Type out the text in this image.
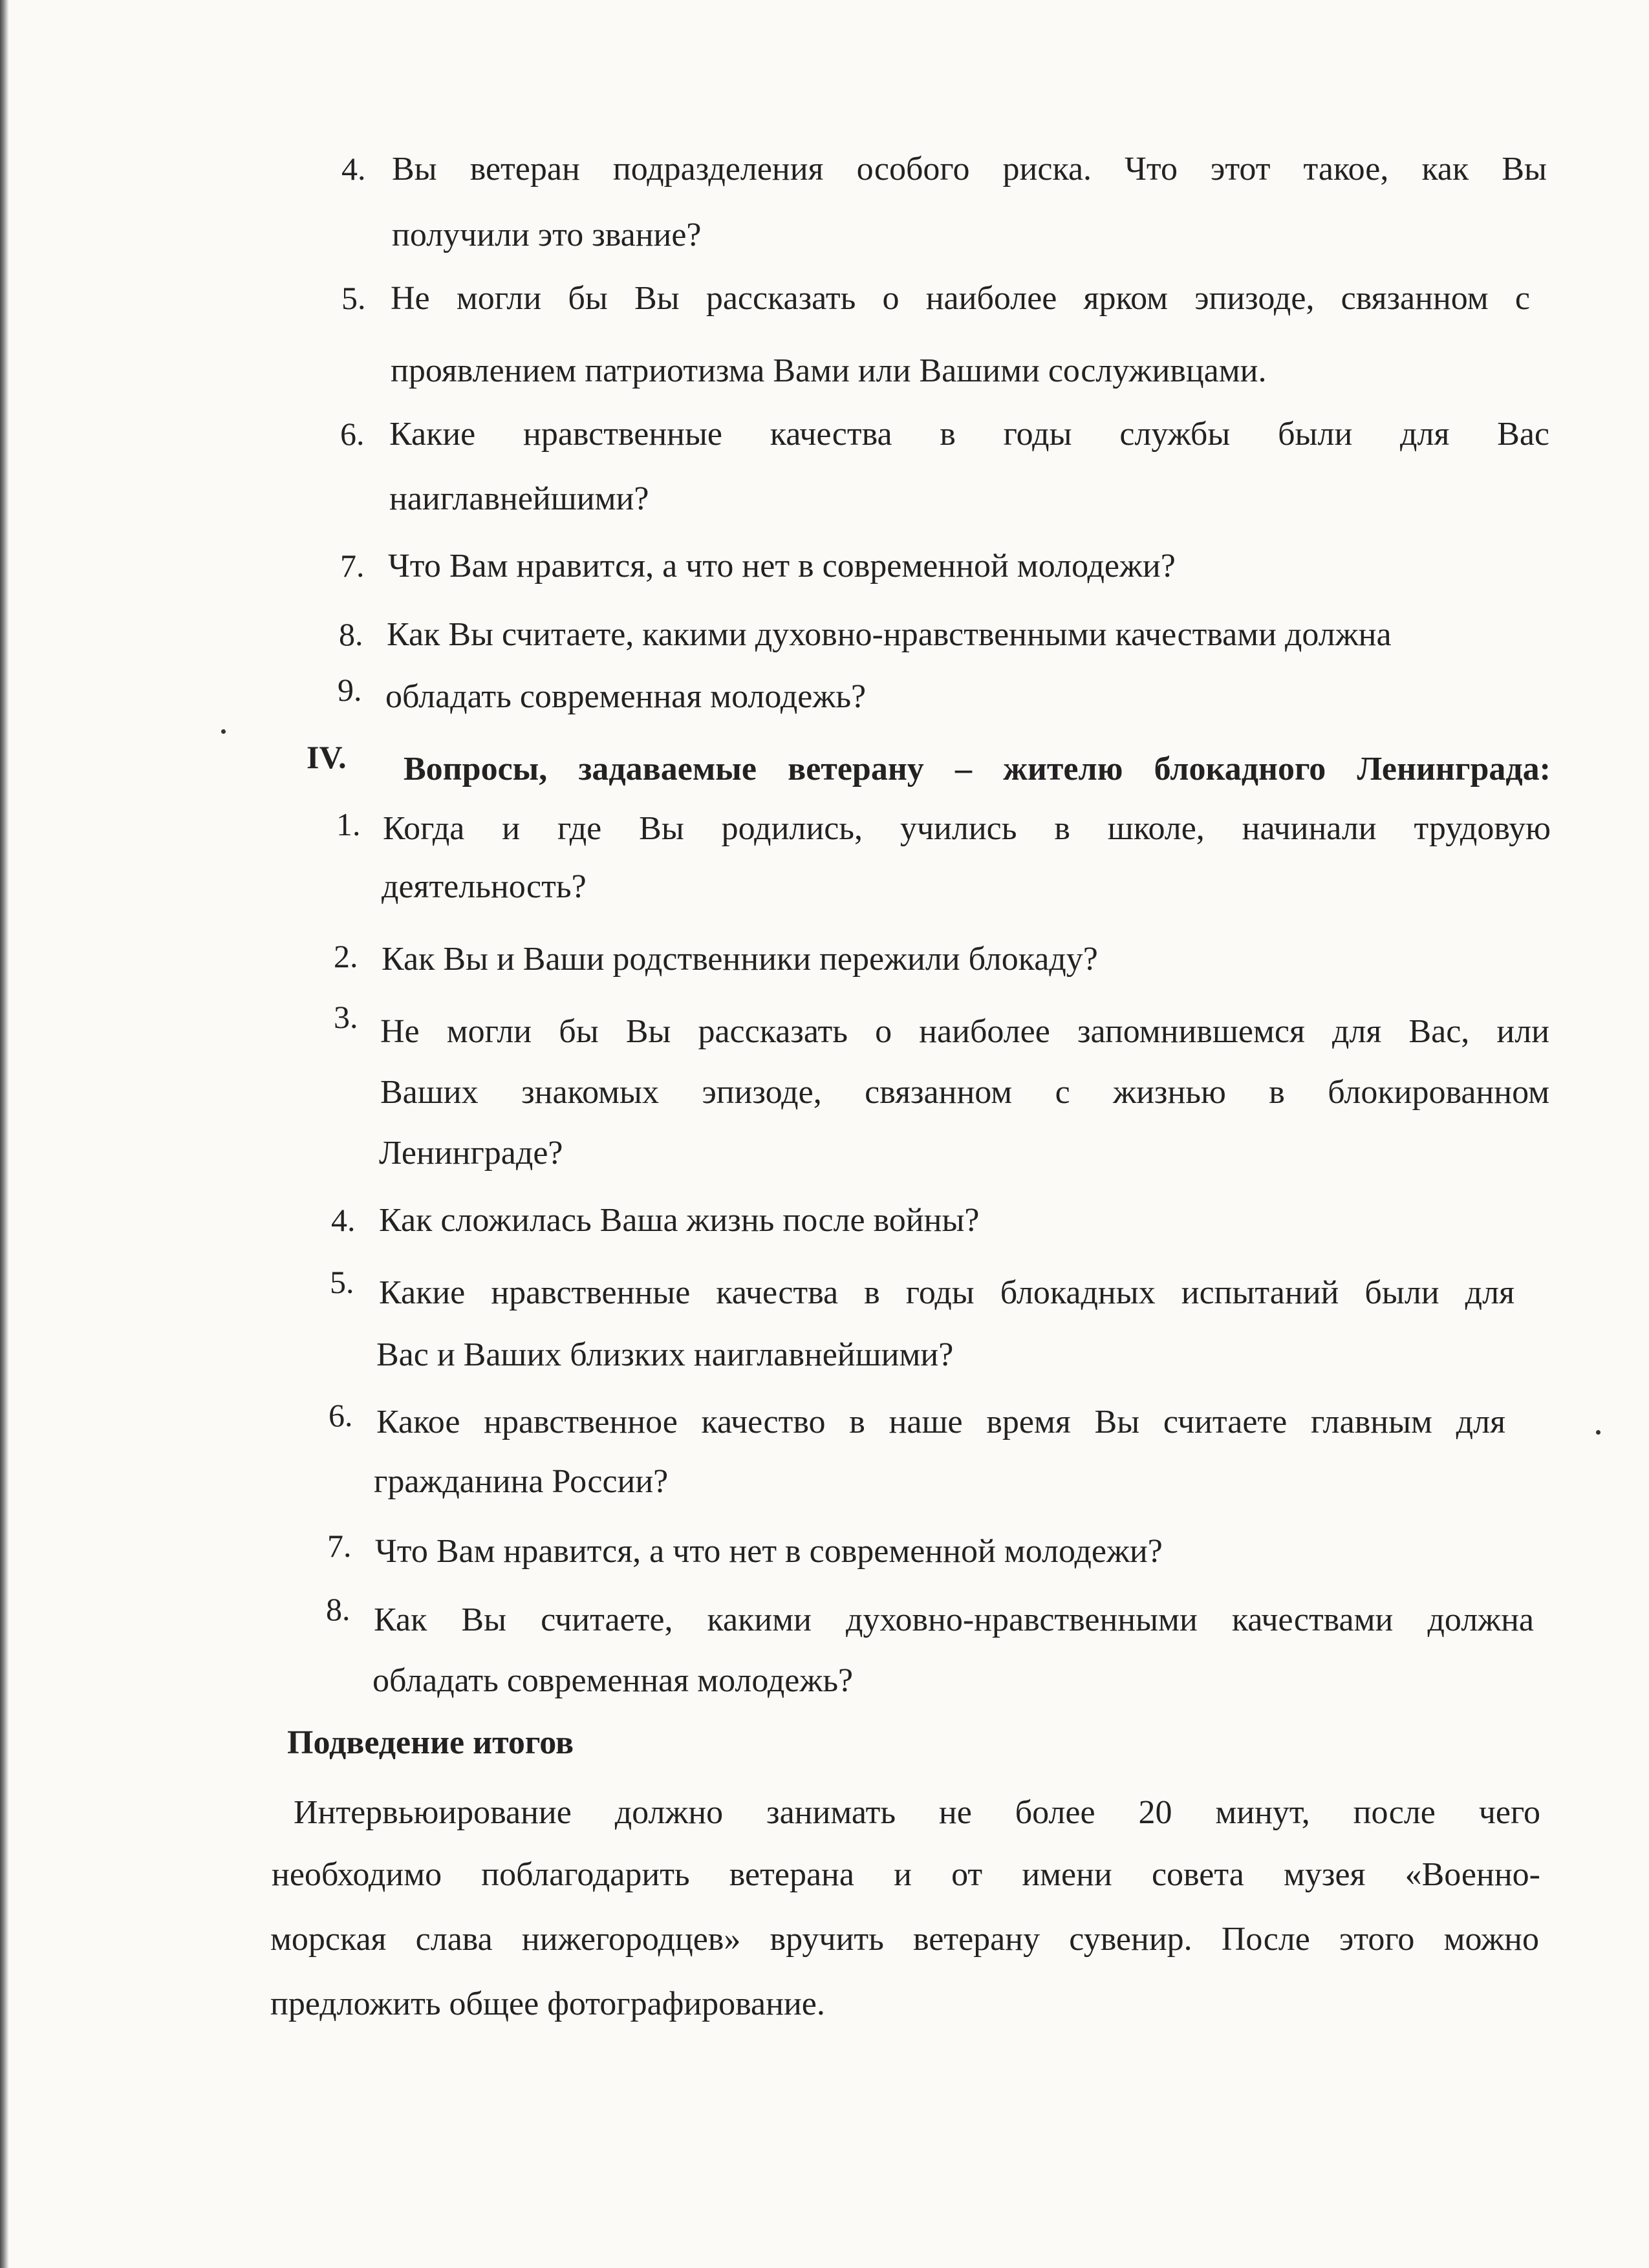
4. Вы ветеран подразделения особого риска. Что этот такое, как Вы
получили это звание?
5. Не могли бы Вы рассказать о наиболее ярком эпизоде, связанном с
проявлением патриотизма Вами или Вашими сослуживцами.
6. Какие нравственные качества в годы службы были для Вас
наиглавнейшими?
7. Что Вам нравится, а что нет в современной молодежи?
8. Как Вы считаете, какими духовно-нравственными качествами должна
9. обладать современная молодежь?
IV. Вопросы, задаваемые ветерану – жителю блокадного Ленинграда:
1. Когда и где Вы родились, учились в школе, начинали трудовую
деятельность?
2. Как Вы и Ваши родственники пережили блокаду?
3. Не могли бы Вы рассказать о наиболее запомнившемся для Вас, или
Ваших знакомых эпизоде, связанном с жизнью в блокированном
Ленинграде?
4. Как сложилась Ваша жизнь после войны?
5. Какие нравственные качества в годы блокадных испытаний были для
Вас и Ваших близких наиглавнейшими?
6. Какое нравственное качество в наше время Вы считаете главным для
гражданина России?
7. Что Вам нравится, а что нет в современной молодежи?
8. Как Вы считаете, какими духовно-нравственными качествами должна
обладать современная молодежь?
Подведение итогов
Интервьюирование должно занимать не более 20 минут, после чего
необходимо поблагодарить ветерана и от имени совета музея «Военно-
морская слава нижегородцев» вручить ветерану сувенир. После этого можно
предложить общее фотографирование.
